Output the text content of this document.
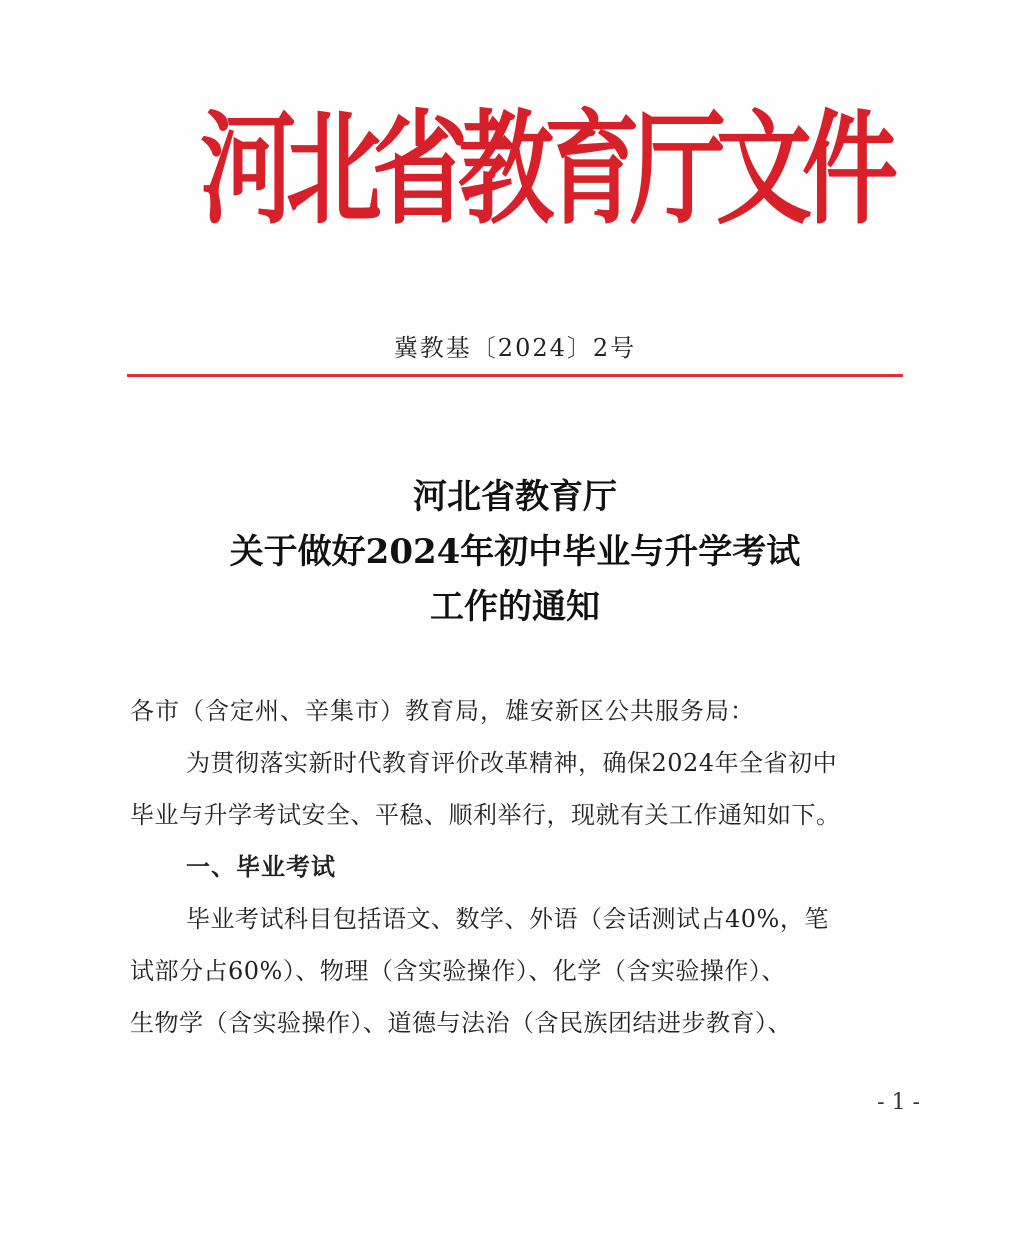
河北省教育厅文件

冀教基〔2024〕2号

河北省教育厅
关于做好2024年初中毕业与升学考试
工作的通知

各市（含定州、辛集市）教育局，雄安新区公共服务局：

为贯彻落实新时代教育评价改革精神，确保2024年全省初中

毕业与升学考试安全、平稳、顺利举行，现就有关工作通知如下。

一、毕业考试

毕业考试科目包括语文、数学、外语（会话测试占40%，笔

试部分占60%）、物理（含实验操作）、化学（含实验操作）、

生物学（含实验操作）、道德与法治（含民族团结进步教育）、

- 1 -
